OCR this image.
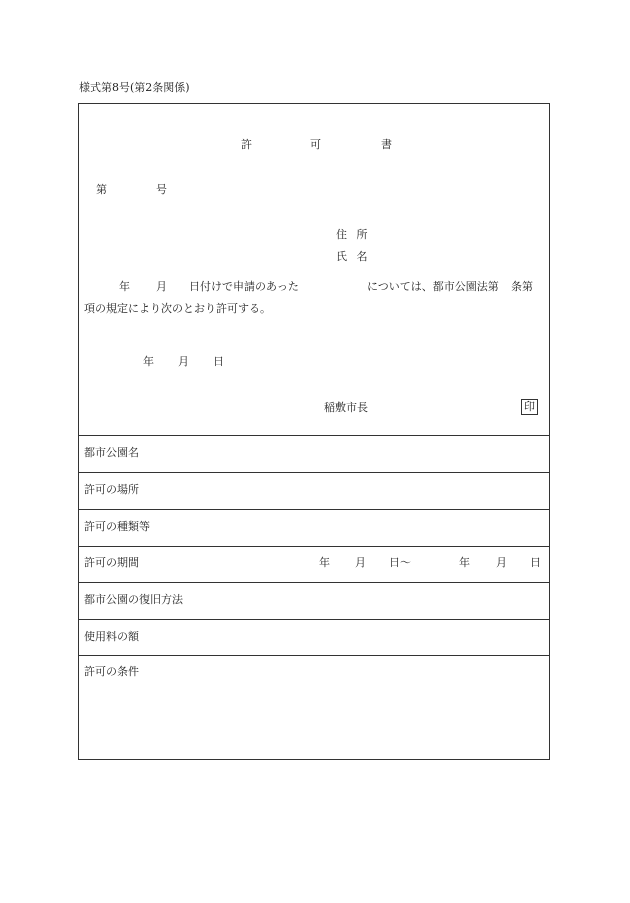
様式第8号(第2条関係)
許	可	書
第	号
住 所
氏 名
年 月 日付けで申請のあった	については、都市公園法第 条第
項の規定により次のとおり許可する。
年 月 日
稲敷市長	印
都市公園名
許可の場所
許可の種類等
許可の期間	年 月 日～	年 月 日
都市公園の復旧方法
使用料の額
許可の条件
